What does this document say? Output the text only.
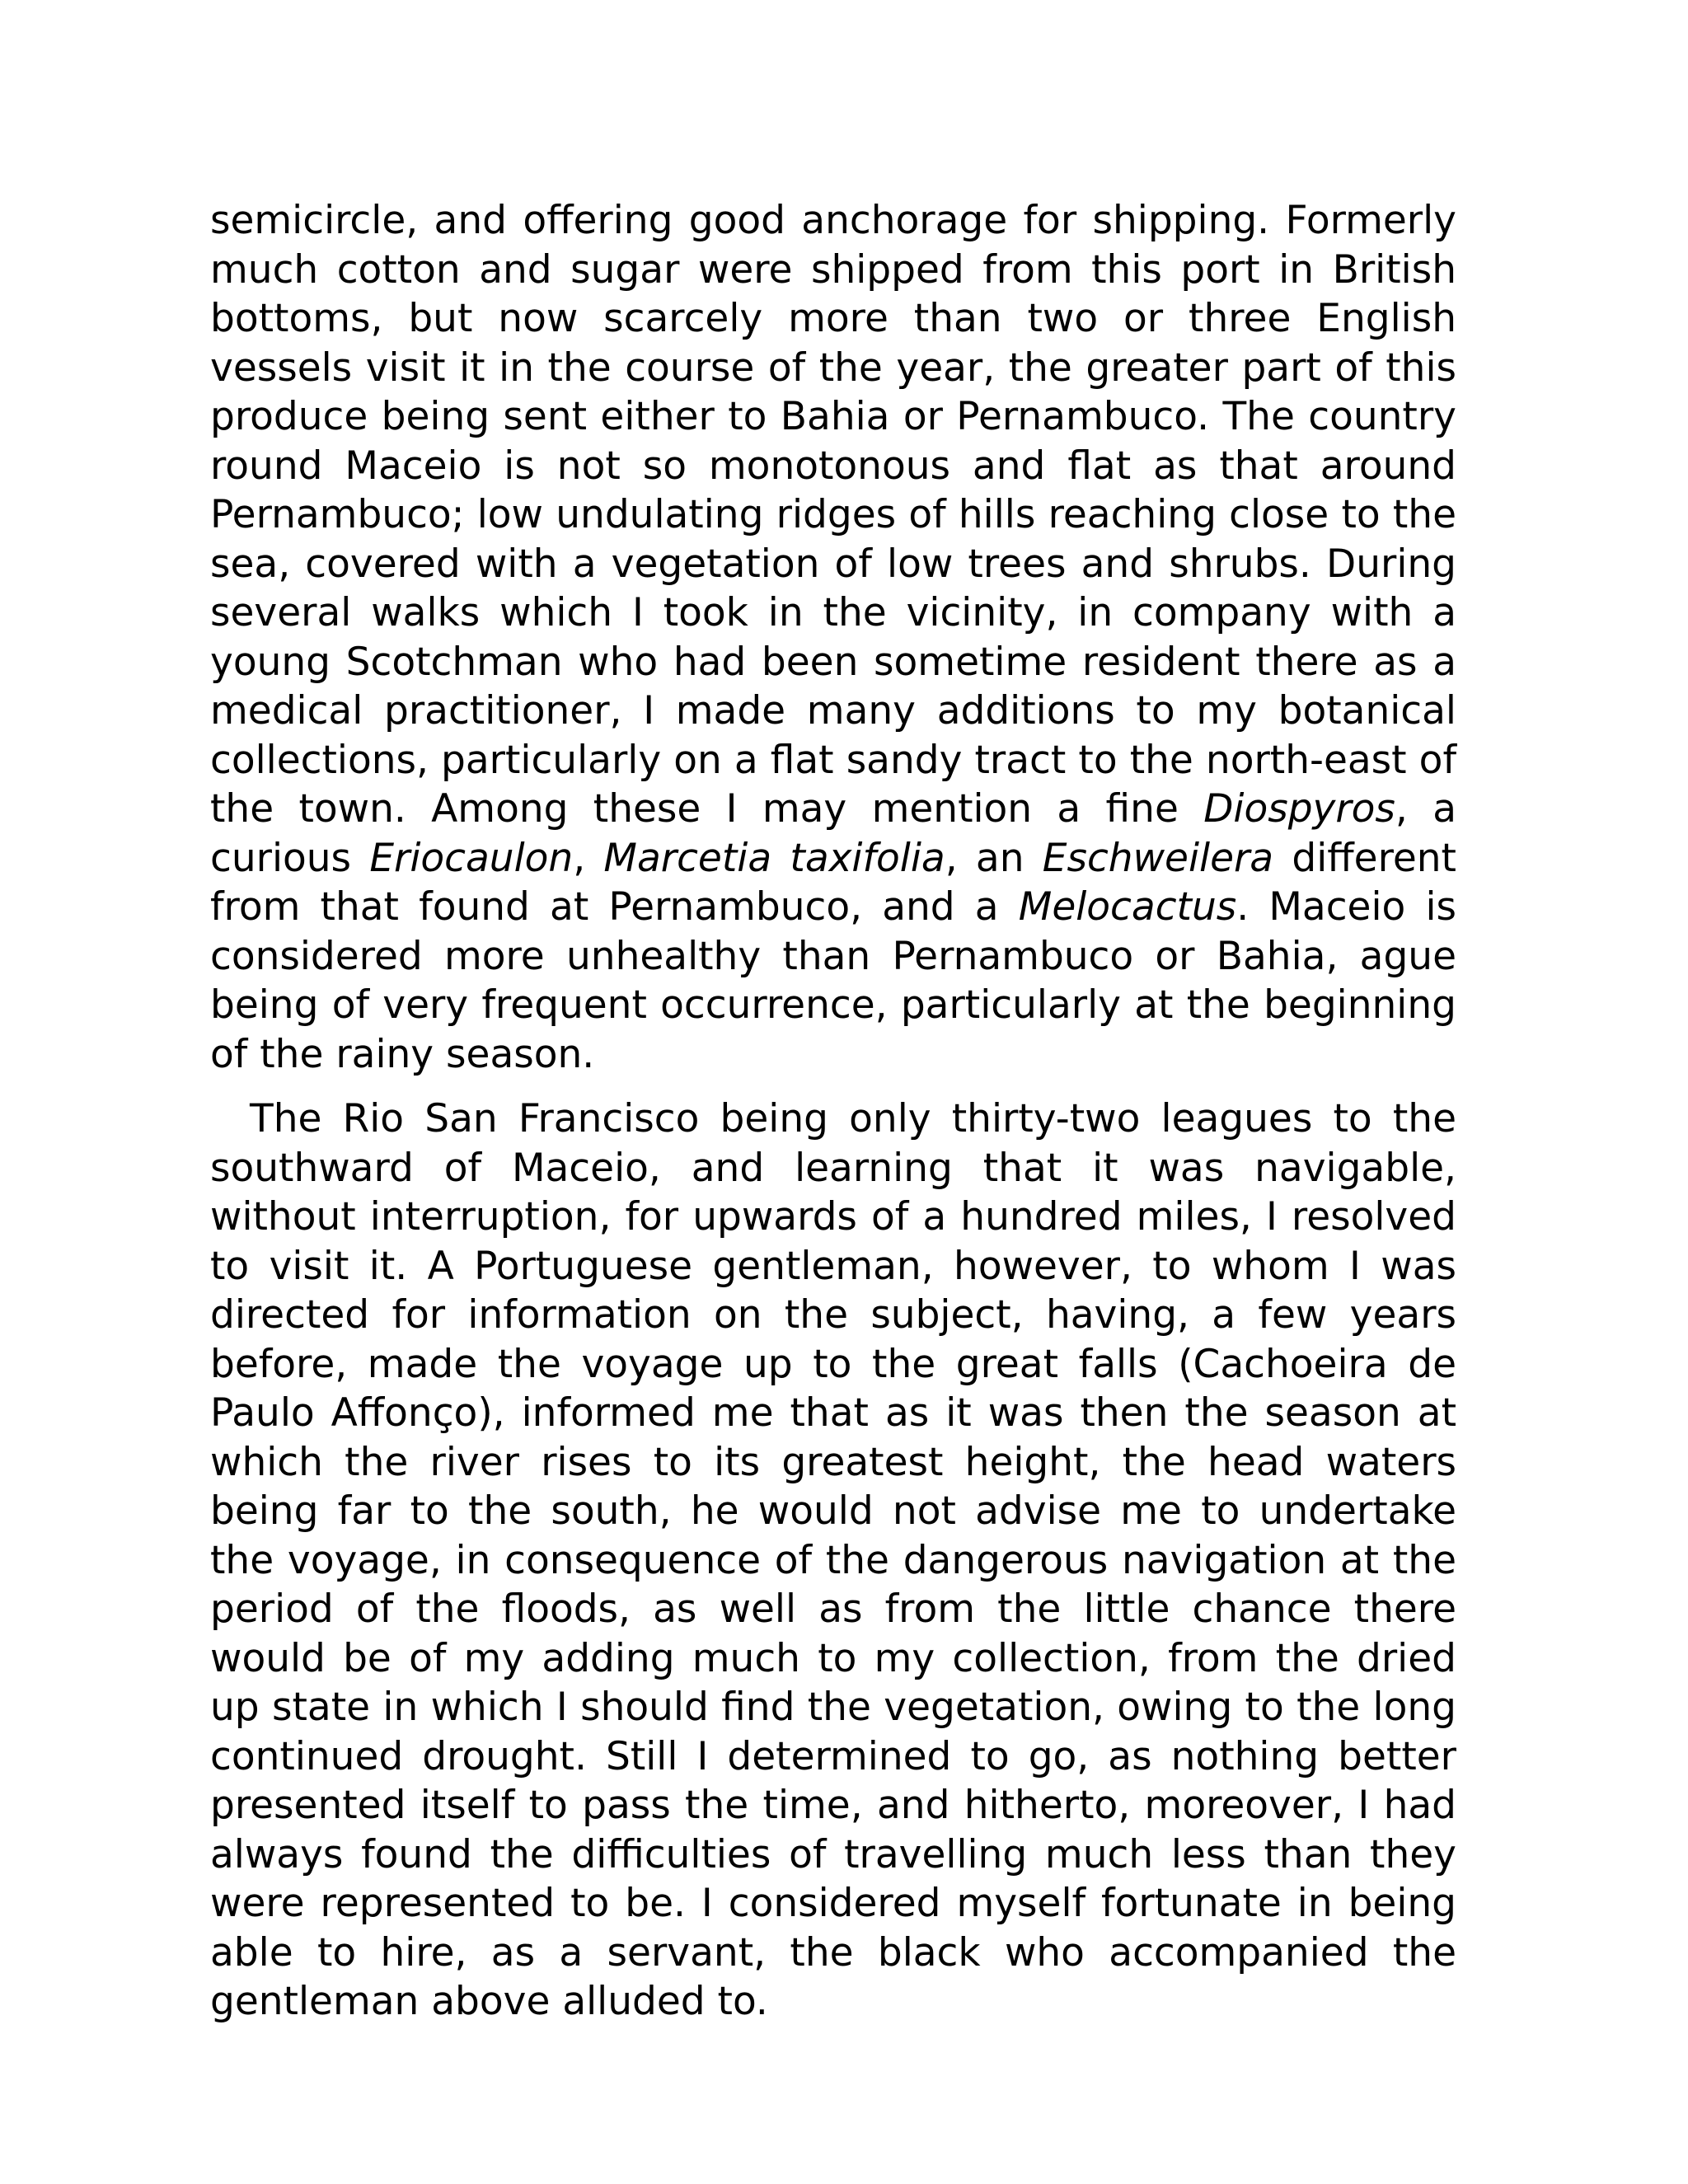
semicircle, and offering good anchorage for shipping. Formerly much cotton and sugar were shipped from this port in British bottoms, but now scarcely more than two or three English vessels visit it in the course of the year, the greater part of this produce being sent either to Bahia or Pernambuco. The country round Maceio is not so monotonous and flat as that around Pernambuco; low undulating ridges of hills reaching close to the sea, covered with a vegetation of low trees and shrubs. During several walks which I took in the vicinity, in company with a young Scotchman who had been sometime resident there as a medical practitioner, I made many additions to my botanical collections, particularly on a flat sandy tract to the north-east of the town. Among these I may mention a fine Diospyros, a curious Eriocaulon, Marcetia taxifolia, an Eschweilera different from that found at Pernambuco, and a Melocactus. Maceio is considered more unhealthy than Pernambuco or Bahia, ague being of very frequent occurrence, particularly at the beginning of the rainy season.

The Rio San Francisco being only thirty-two leagues to the southward of Maceio, and learning that it was navigable, without interruption, for upwards of a hundred miles, I resolved to visit it. A Portuguese gentleman, however, to whom I was directed for information on the subject, having, a few years before, made the voyage up to the great falls (Cachoeira de Paulo Affonço), informed me that as it was then the season at which the river rises to its greatest height, the head waters being far to the south, he would not advise me to undertake the voyage, in consequence of the dangerous navigation at the period of the floods, as well as from the little chance there would be of my adding much to my collection, from the dried up state in which I should find the vegetation, owing to the long continued drought. Still I determined to go, as nothing better presented itself to pass the time, and hitherto, moreover, I had always found the difficulties of travelling much less than they were represented to be. I considered myself fortunate in being able to hire, as a servant, the black who accompanied the gentleman above alluded to.
